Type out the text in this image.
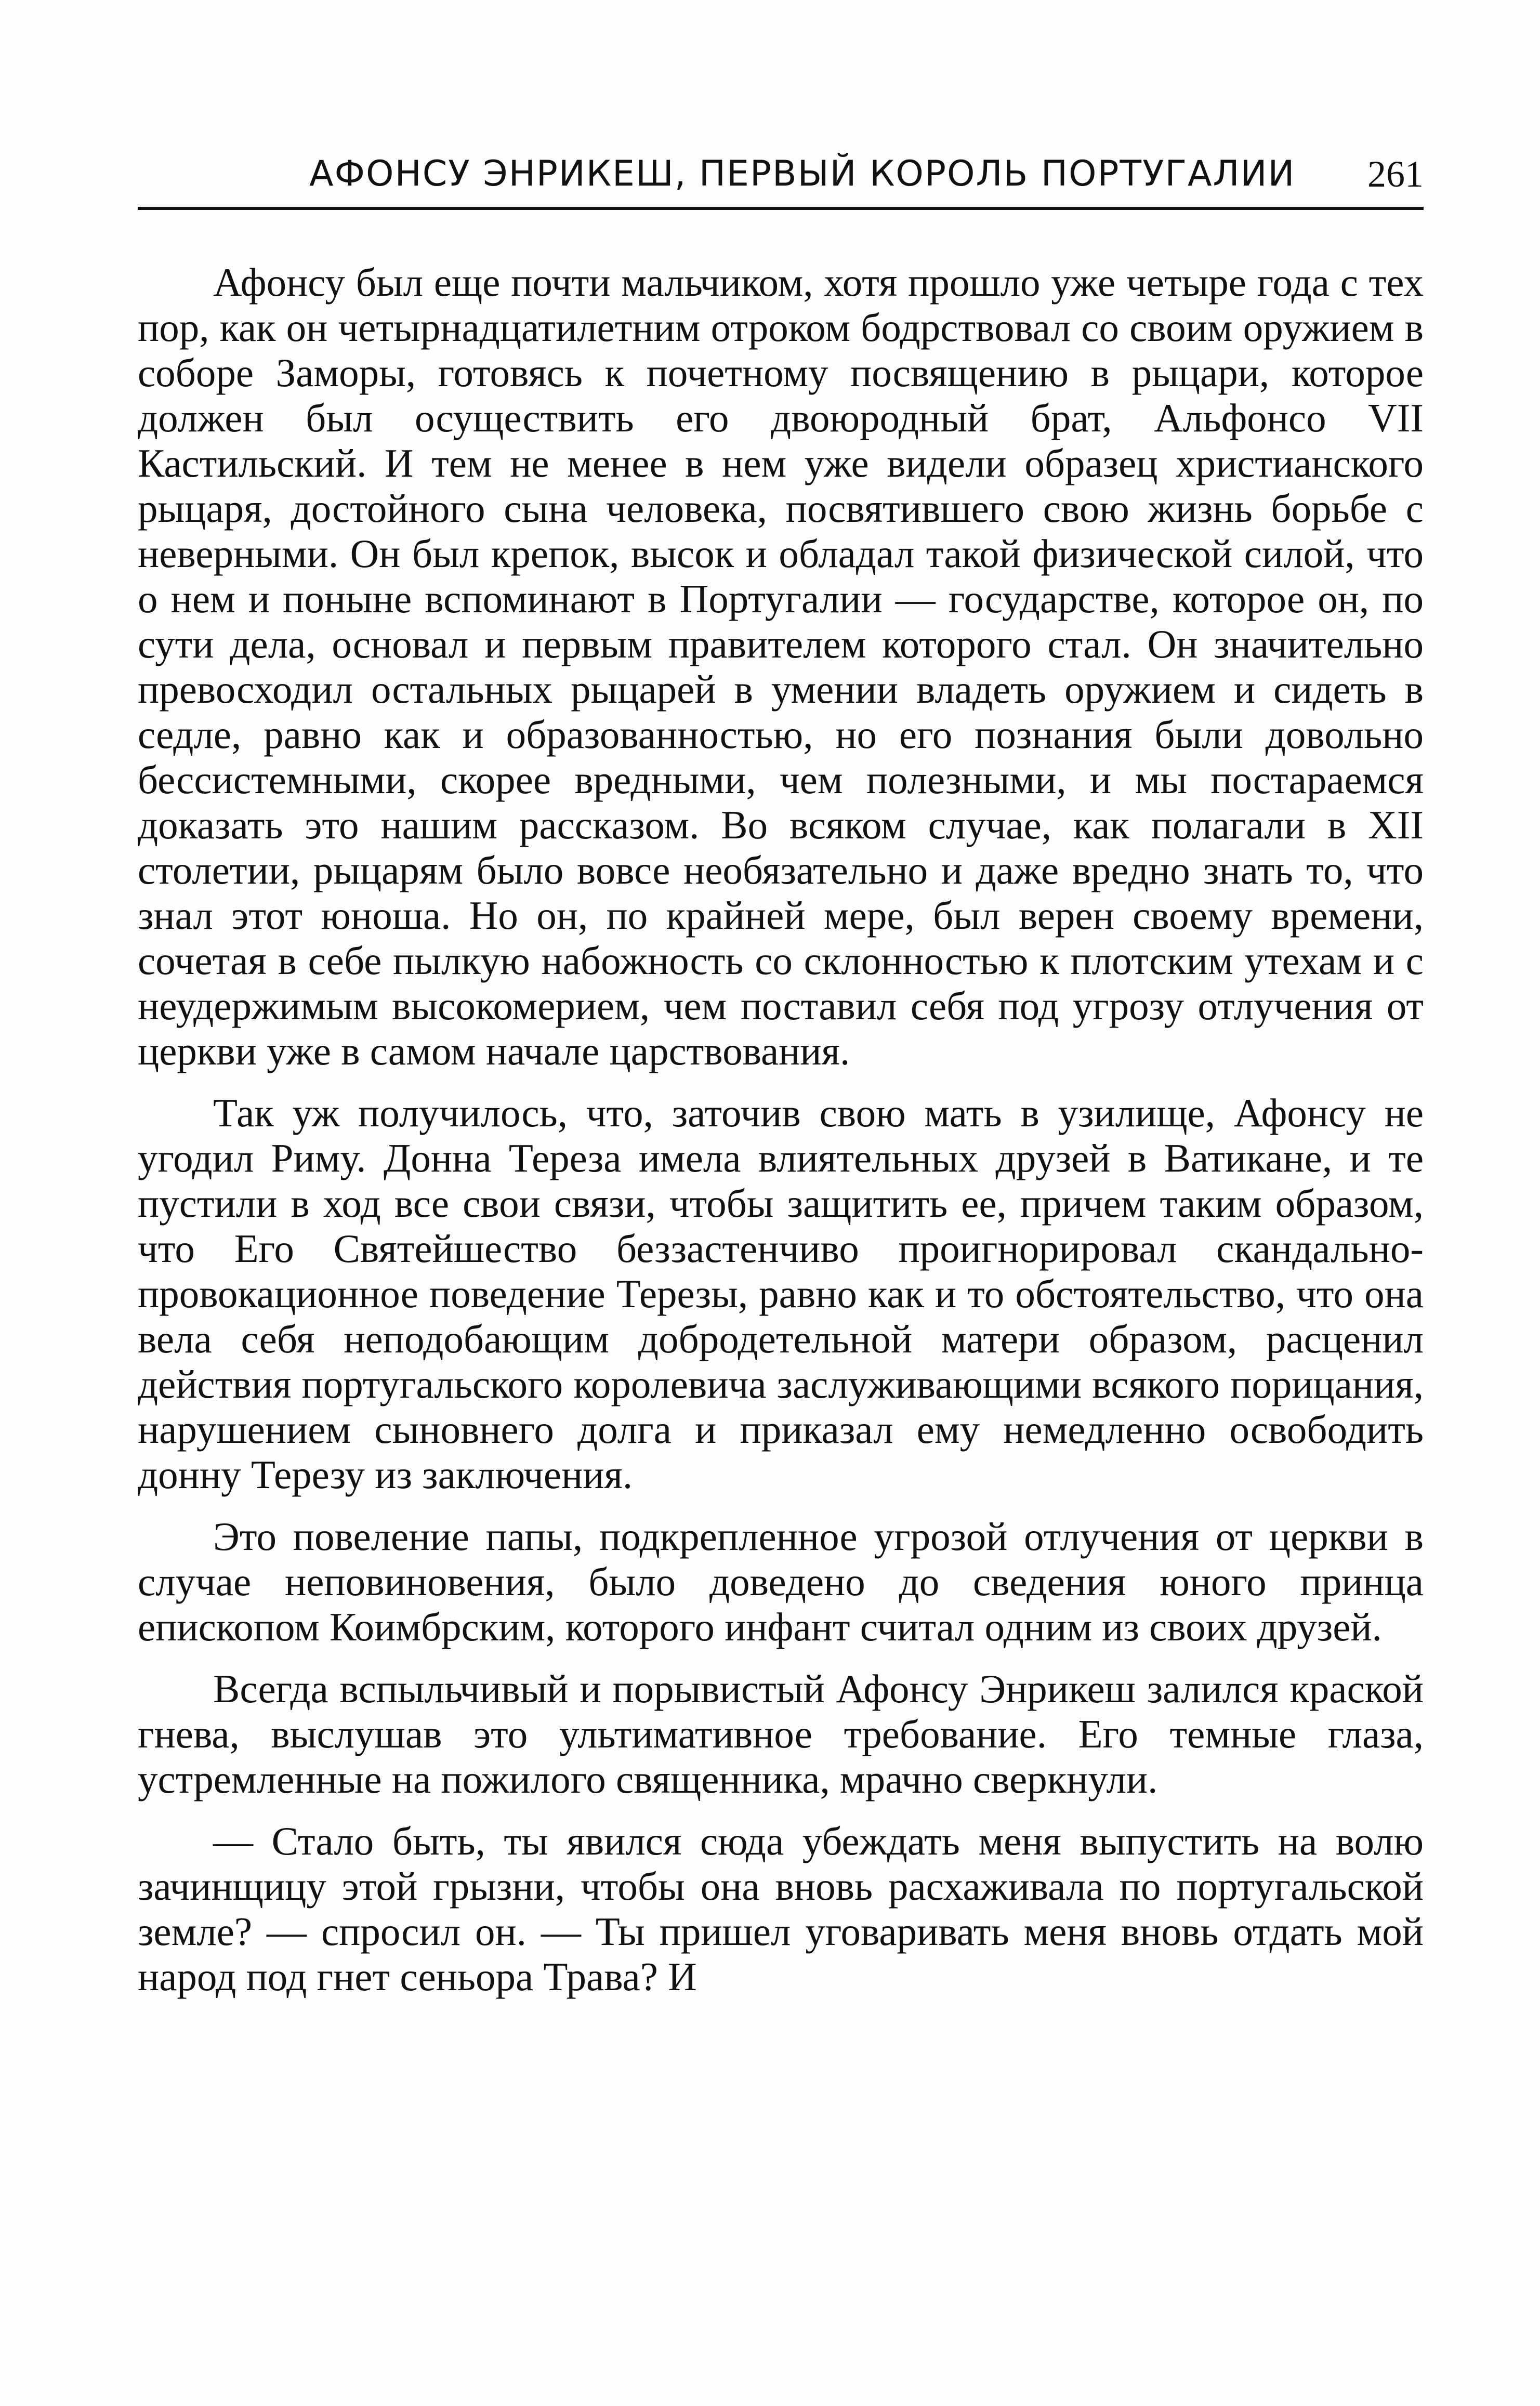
АФОНСУ ЭНРИКЕШ, ПЕРВЫЙ КОРОЛЬ ПОРТУГАЛИИ 261

Афонсу был еще почти мальчиком, хотя прошло уже четыре года с тех пор, как он четырнадцатилетним отроком бодрствовал со своим оружием в соборе Заморы, готовясь к почетному посвящению в рыцари, которое должен был осуществить его двоюродный брат, Альфонсо VII Кастильский. И тем не менее в нем уже видели образец христианского рыцаря, достойного сына человека, посвятившего свою жизнь борьбе с неверными. Он был крепок, высок и обладал такой физической силой, что о нем и поныне вспоминают в Португалии — государстве, которое он, по сути дела, основал и первым правителем которого стал. Он значительно превосходил остальных рыцарей в умении владеть оружием и сидеть в седле, равно как и образованностью, но его познания были довольно бессистемными, скорее вредными, чем полезными, и мы постараемся доказать это нашим рассказом. Во всяком случае, как полагали в XII столетии, рыцарям было вовсе необязательно и даже вредно знать то, что знал этот юноша. Но он, по крайней мере, был верен своему времени, сочетая в себе пылкую набожность со склонностью к плотским утехам и с неудержимым высокомерием, чем поставил себя под угрозу отлучения от церкви уже в самом начале царствования.

Так уж получилось, что, заточив свою мать в узилище, Афонсу не угодил Риму. Донна Тереза имела влиятельных друзей в Ватикане, и те пустили в ход все свои связи, чтобы защитить ее, причем таким образом, что Его Святейшество беззастенчиво проигнорировал скандально-провокационное поведение Терезы, равно как и то обстоятельство, что она вела себя неподобающим добродетельной матери образом, расценил действия португальского королевича заслуживающими всякого порицания, нарушением сыновнего долга и приказал ему немедленно освободить донну Терезу из заключения.

Это повеление папы, подкрепленное угрозой отлучения от церкви в случае неповиновения, было доведено до сведения юного принца епископом Коимбрским, которого инфант считал одним из своих друзей.

Всегда вспыльчивый и порывистый Афонсу Энрикеш залился краской гнева, выслушав это ультимативное требование. Его темные глаза, устремленные на пожилого священника, мрачно сверкнули.

— Стало быть, ты явился сюда убеждать меня выпустить на волю зачинщицу этой грызни, чтобы она вновь расхаживала по португальской земле? — спросил он. — Ты пришел уговаривать меня вновь отдать мой народ под гнет сеньора Трава? И
